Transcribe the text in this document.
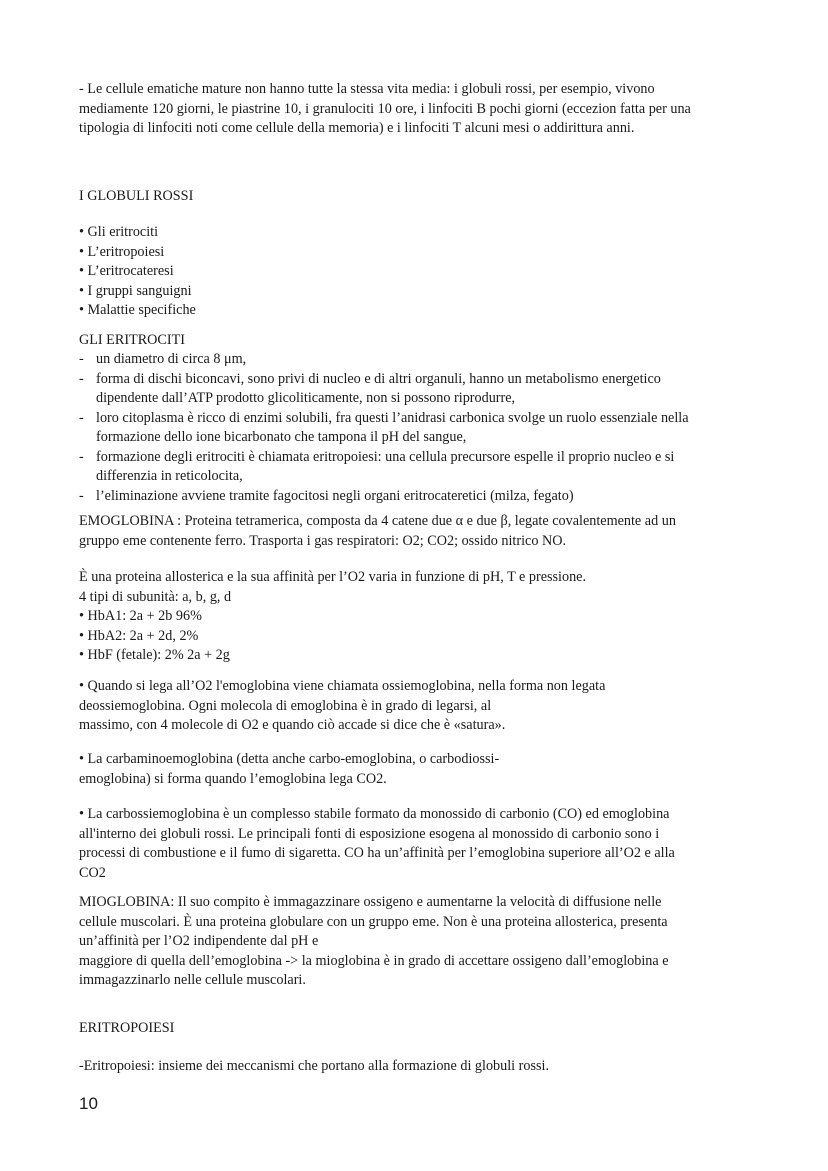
- Le cellule ematiche mature non hanno tutte la stessa vita media: i globuli rossi, per esempio, vivono
mediamente 120 giorni, le piastrine 10, i granulociti 10 ore, i linfociti B pochi giorni (eccezion fatta per una
tipologia di linfociti noti come cellule della memoria) e i linfociti T alcuni mesi o addirittura anni.
I GLOBULI ROSSI
• Gli eritrociti
• L’eritropoiesi
• L’eritrocateresi
• I gruppi sanguigni
• Malattie specifiche
GLI ERITROCITI
- un diametro di circa 8 μm,
- forma di dischi biconcavi, sono privi di nucleo e di altri organuli, hanno un metabolismo energetico
dipendente dall’ATP prodotto glicoliticamente, non si possono riprodurre,
- loro citoplasma è ricco di enzimi solubili, fra questi l’anidrasi carbonica svolge un ruolo essenziale nella
formazione dello ione bicarbonato che tampona il pH del sangue,
- formazione degli eritrociti è chiamata eritropoiesi: una cellula precursore espelle il proprio nucleo e si
differenzia in reticolocita,
- l’eliminazione avviene tramite fagocitosi negli organi eritrocateretici (milza, fegato)
EMOGLOBINA : Proteina tetramerica, composta da 4 catene due α e due β, legate covalentemente ad un
gruppo eme contenente ferro. Trasporta i gas respiratori: O2; CO2; ossido nitrico NO.
È una proteina allosterica e la sua affinità per l’O2 varia in funzione di pH, T e pressione.
4 tipi di subunità: a, b, g, d
• HbA1: 2a + 2b 96%
• HbA2: 2a + 2d, 2%
• HbF (fetale): 2% 2a + 2g
• Quando si lega all’O2 l'emoglobina viene chiamata ossiemoglobina, nella forma non legata
deossiemoglobina. Ogni molecola di emoglobina è in grado di legarsi, al
massimo, con 4 molecole di O2 e quando ciò accade si dice che è «satura».
• La carbaminoemoglobina (detta anche carbo-emoglobina, o carbodiossi-
emoglobina) si forma quando l’emoglobina lega CO2.
• La carbossiemoglobina è un complesso stabile formato da monossido di carbonio (CO) ed emoglobina
all'interno dei globuli rossi. Le principali fonti di esposizione esogena al monossido di carbonio sono i
processi di combustione e il fumo di sigaretta. CO ha un’affinità per l’emoglobina superiore all’O2 e alla
CO2
MIOGLOBINA: Il suo compito è immagazzinare ossigeno e aumentarne la velocità di diffusione nelle
cellule muscolari. È una proteina globulare con un gruppo eme. Non è una proteina allosterica, presenta
un’affinità per l’O2 indipendente dal pH e
maggiore di quella dell’emoglobina -> la mioglobina è in grado di accettare ossigeno dall’emoglobina e
immagazzinarlo nelle cellule muscolari.
ERITROPOIESI
-Eritropoiesi: insieme dei meccanismi che portano alla formazione di globuli rossi.
10
